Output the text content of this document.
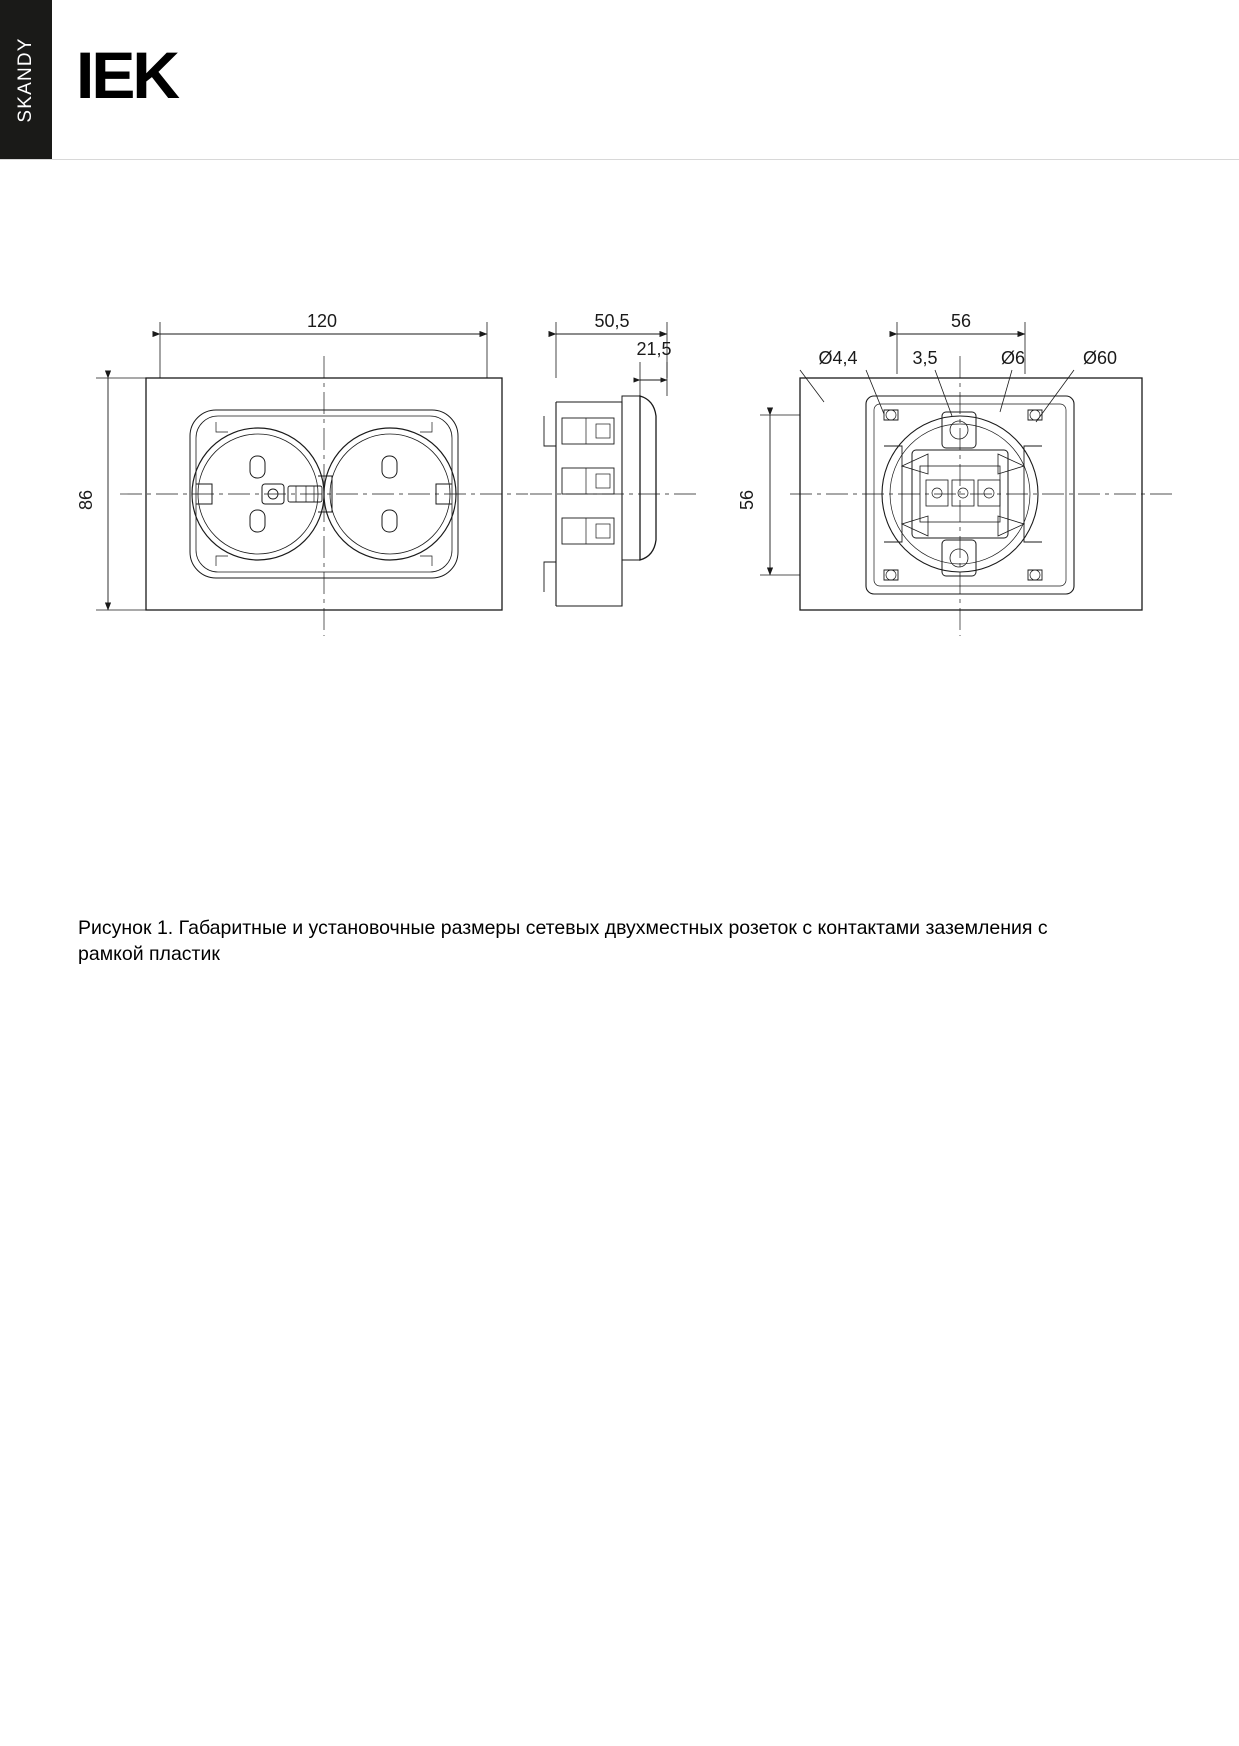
SKANDY IEK
120	50,5
21,5
56
Ø4,4	3,5	Ø6	Ø60
86	56
Рисунок 1. Габаритные и установочные размеры сетевых двухместных розеток с контактами заземления с рамкой пластик
